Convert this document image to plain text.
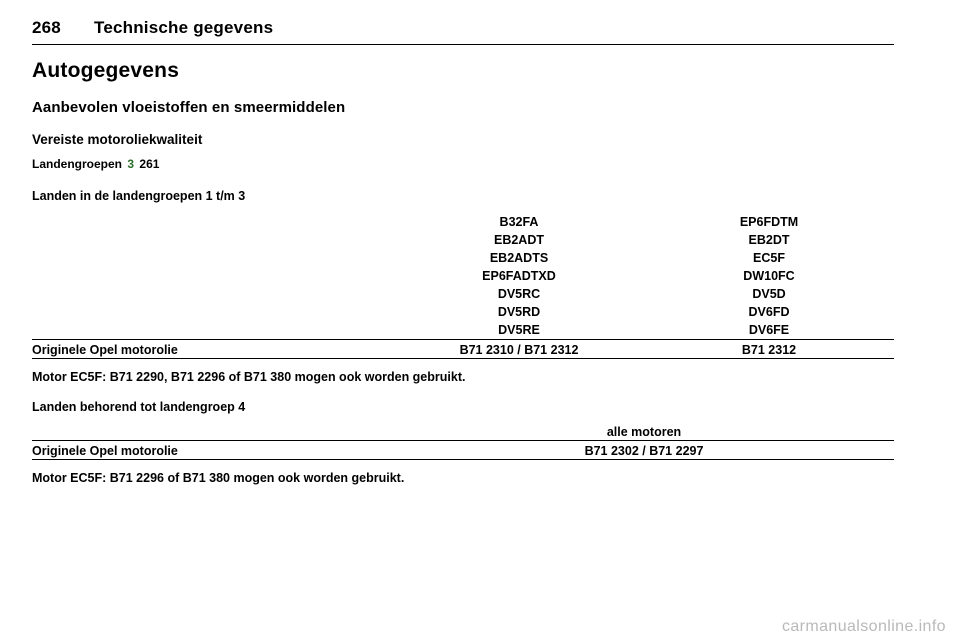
268	Technische gegevens
Autogegevens
Aanbevolen vloeistoffen en smeermiddelen
Vereiste motoroliekwaliteit

Landengroepen 3 261

Landen in de landengroepen 1 t/m 3

	B32FA	EP6FDTM
	EB2ADT	EB2DT
	EB2ADTS	EC5F
	EP6FADTXD	DW10FC
	DV5RC	DV5D
	DV5RD	DV6FD
	DV5RE	DV6FE

Originele Opel motorolie	B71 2310 / B71 2312	B71 2312

Motor EC5F: B71 2290, B71 2296 of B71 380 mogen ook worden gebruikt.

Landen behorend tot landengroep 4

	alle motoren

Originele Opel motorolie	B71 2302 / B71 2297

Motor EC5F: B71 2296 of B71 380 mogen ook worden gebruikt.

carmanualsonline.info
